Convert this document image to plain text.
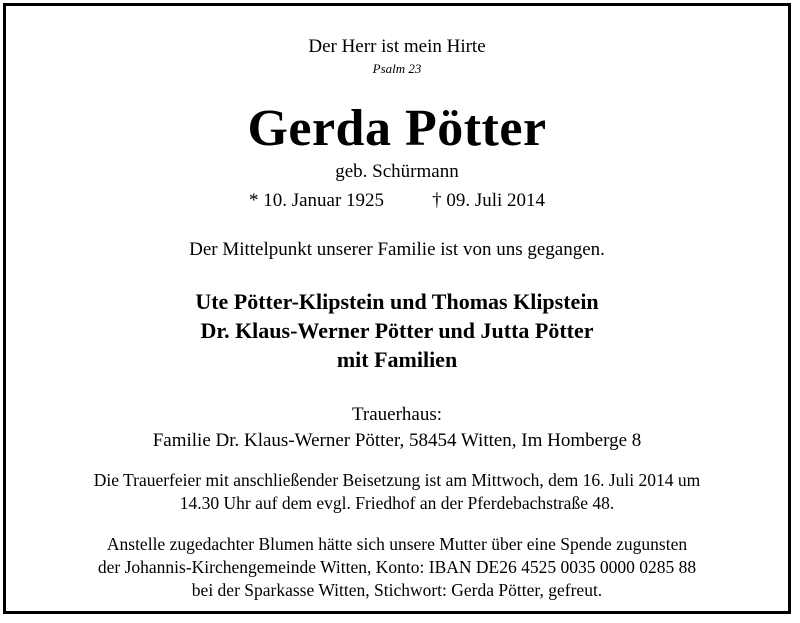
Der Herr ist mein Hirte
Psalm 23
Gerda Pötter
geb. Schürmann
* 10. Januar 1925	† 09. Juli 2014
Der Mittelpunkt unserer Familie ist von uns gegangen.
Ute Pötter-Klipstein und Thomas Klipstein
Dr. Klaus-Werner Pötter und Jutta Pötter
mit Familien
Trauerhaus:
Familie Dr. Klaus-Werner Pötter, 58454 Witten, Im Homberge 8
Die Trauerfeier mit anschließender Beisetzung ist am Mittwoch, dem 16. Juli 2014 um
14.30 Uhr auf dem evgl. Friedhof an der Pferdebachstraße 48.
Anstelle zugedachter Blumen hätte sich unsere Mutter über eine Spende zugunsten
der Johannis-Kirchengemeinde Witten, Konto: IBAN DE26 4525 0035 0000 0285 88
bei der Sparkasse Witten, Stichwort: Gerda Pötter, gefreut.
